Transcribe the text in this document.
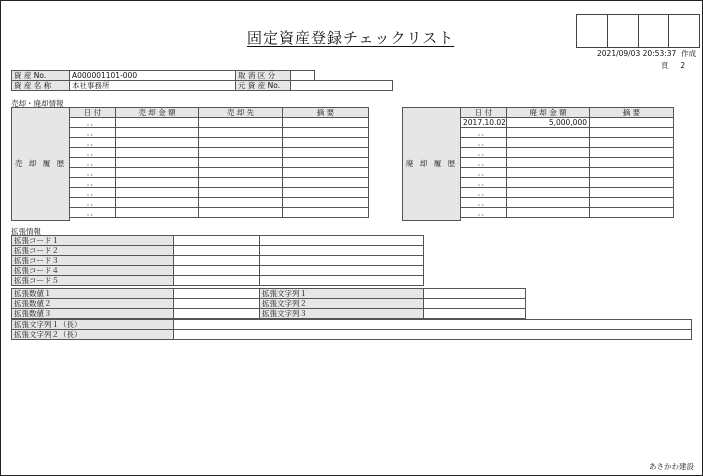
固定資産登録チェックリスト
2021/09/03 20:53:37 作成
頁 2
資 産 No.	A000001101-000	取 消 区 分		
資 産 名 称	本社事務所	元 資 産 No.		
売却・廃却情報
売 却 履 歴	日 付	売 却 金 額	売 却 先	摘 要
	．．			
	．．			
	．．			
	．．			
	．．			
	．．			
	．．			
	．．			
	．．			
	．．			

廃 却 履 歴	日 付	廃 却 金 額	摘 要
	2017.10.02	5,000,000	
	．．		
	．．		
	．．		
	．．		
	．．		
	．．		
	．．		
	．．		
	．．		

拡張情報
拡張コード１		
拡張コード２		
拡張コード３		
拡張コード４		
拡張コード５		
拡張数値１		拡張文字列１	
拡張数値２		拡張文字列２	
拡張数値３		拡張文字列３	
拡張文字列１（長）	
拡張文字列２（長）	
あさかわ建設
